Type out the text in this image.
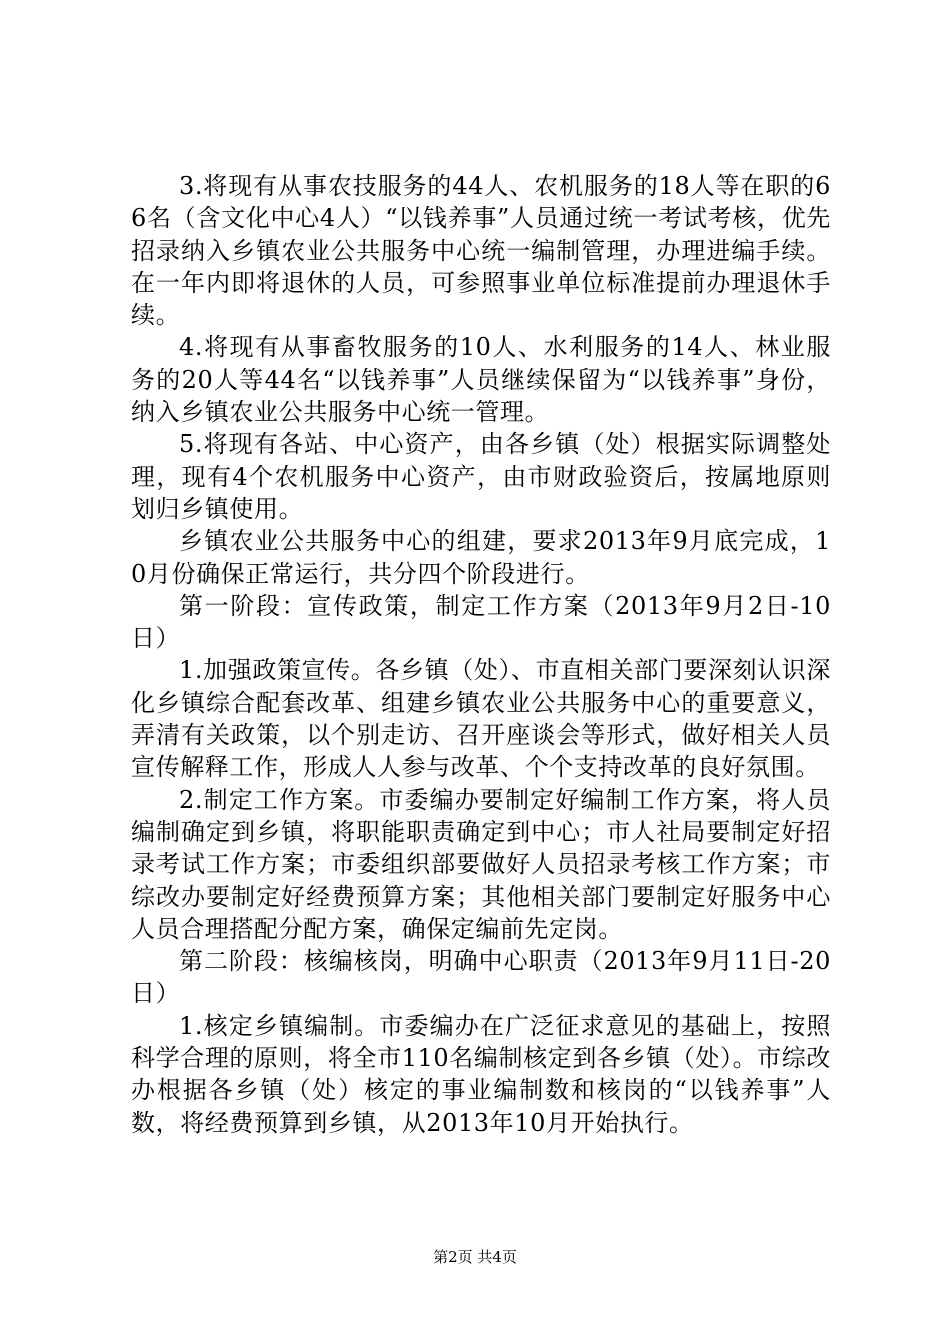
3.将现有从事农技服务的44人、农机服务的18人等在职的66名（含文化中心4人）“以钱养事”人员通过统一考试考核，优先招录纳入乡镇农业公共服务中心统一编制管理，办理进编手续。在一年内即将退休的人员，可参照事业单位标准提前办理退休手续。

4.将现有从事畜牧服务的10人、水利服务的14人、林业服务的20人等44名“以钱养事”人员继续保留为“以钱养事”身份，纳入乡镇农业公共服务中心统一管理。

5.将现有各站、中心资产，由各乡镇（处）根据实际调整处理，现有4个农机服务中心资产，由市财政验资后，按属地原则划归乡镇使用。

乡镇农业公共服务中心的组建，要求2013年9月底完成，10月份确保正常运行，共分四个阶段进行。

第一阶段：宣传政策，制定工作方案（2013年9月2日-10日）

1.加强政策宣传。各乡镇（处）、市直相关部门要深刻认识深化乡镇综合配套改革、组建乡镇农业公共服务中心的重要意义，弄清有关政策，以个别走访、召开座谈会等形式，做好相关人员宣传解释工作，形成人人参与改革、个个支持改革的良好氛围。

2.制定工作方案。市委编办要制定好编制工作方案，将人员编制确定到乡镇，将职能职责确定到中心；市人社局要制定好招录考试工作方案；市委组织部要做好人员招录考核工作方案；市综改办要制定好经费预算方案；其他相关部门要制定好服务中心人员合理搭配分配方案，确保定编前先定岗。

第二阶段：核编核岗，明确中心职责（2013年9月11日-20日）

1.核定乡镇编制。市委编办在广泛征求意见的基础上，按照科学合理的原则，将全市110名编制核定到各乡镇（处）。市综改办根据各乡镇（处）核定的事业编制数和核岗的“以钱养事”人数，将经费预算到乡镇，从2013年10月开始执行。

第2页 共4页
